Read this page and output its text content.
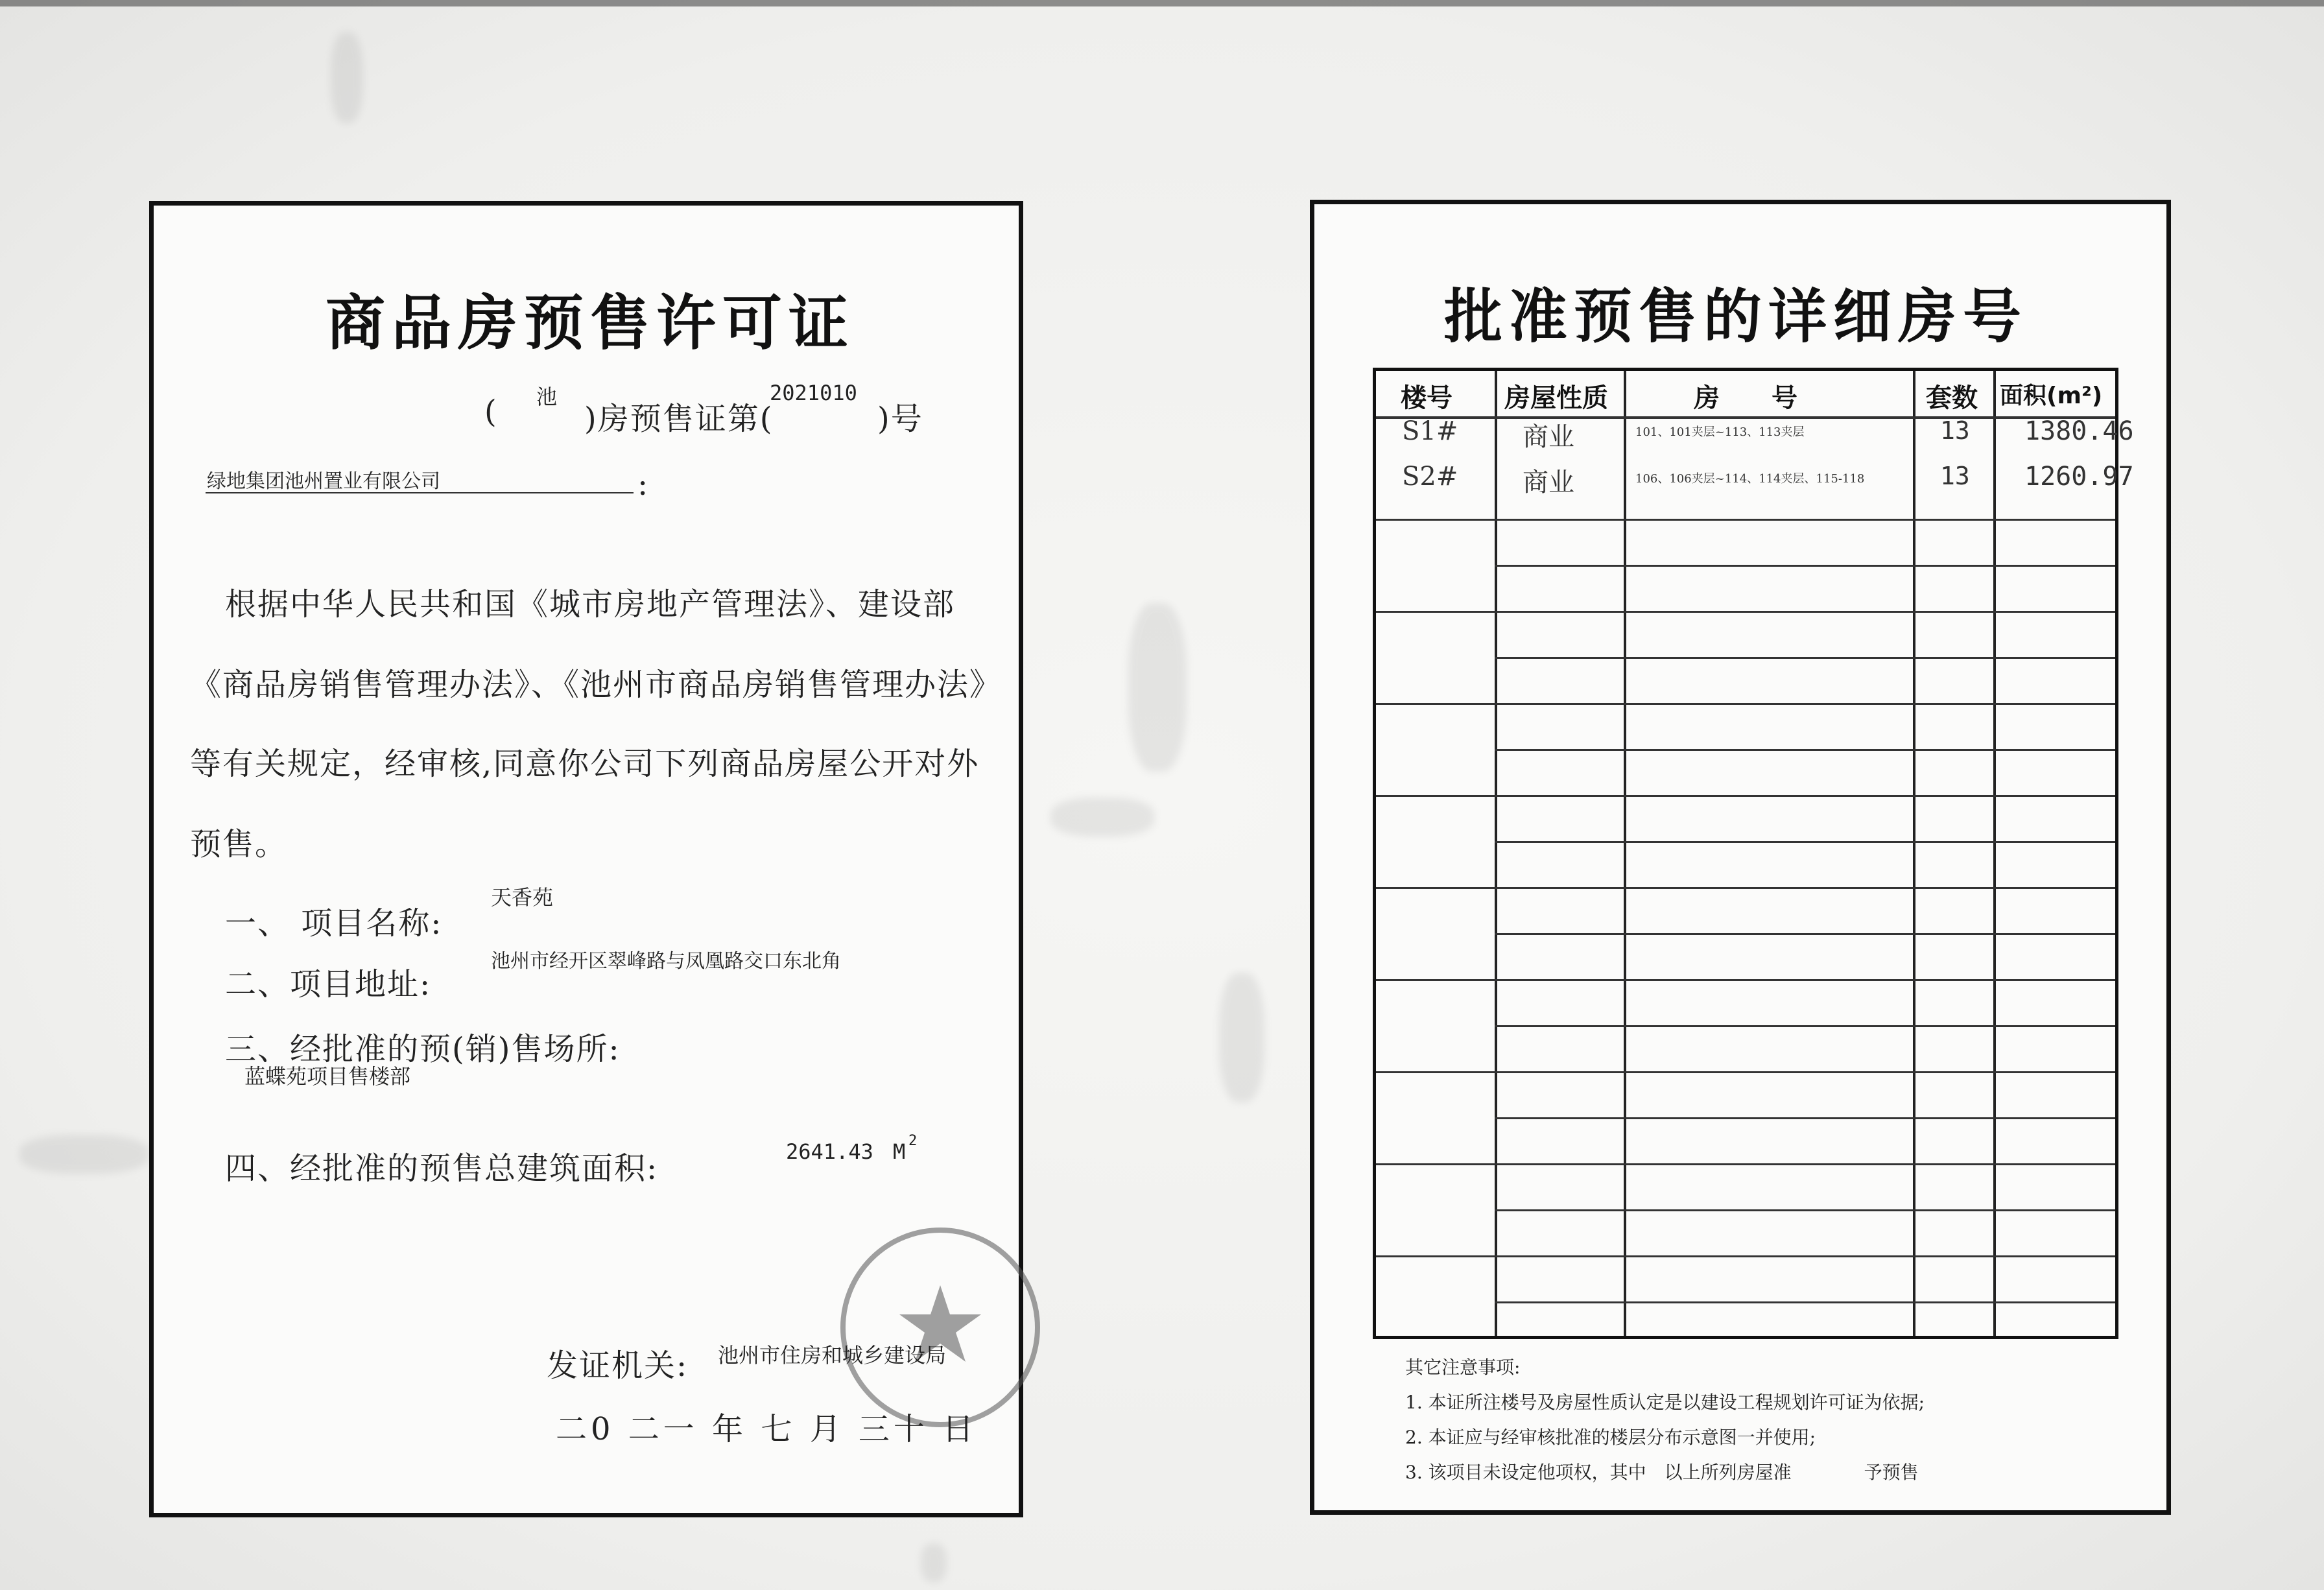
商品房预售许可证
( 池
)房预售证第(
2021010
)号
绿地集团池州置业有限公司	:
根据中华人民共和国《城市房地产管理法》、建设部
《商品房销售管理办法》、《池州市商品房销售管理办法》
等有关规定，经审核,同意你公司下列商品房屋公开对外
预售。
一、 项目名称:
天香苑
二、项目地址:
池州市经开区翠峰路与凤凰路交口东北角
三、经批准的预(销)售场所:
蓝蝶苑项目售楼部
四、经批准的预售总建筑面积:	2641.43 M 2
发证机关: 池州市住房和城乡建设局
二0 二一 年 七 月 三十 日
批准预售的详细房号
楼号 房屋性质	房　　号	套数 面积(m²)
S1# 商业	101、101夹层~113、113夹层	13 1380.46
S2# 商业	106、106夹层~114、114夹层、115-118	13 1260.97
其它注意事项:
1. 本证所注楼号及房屋性质认定是以建设工程规划许可证为依据;
2. 本证应与经审核批准的楼层分布示意图一并使用;
3. 该项目未设定他项权，其中　以上所列房屋准　　　　予预售
